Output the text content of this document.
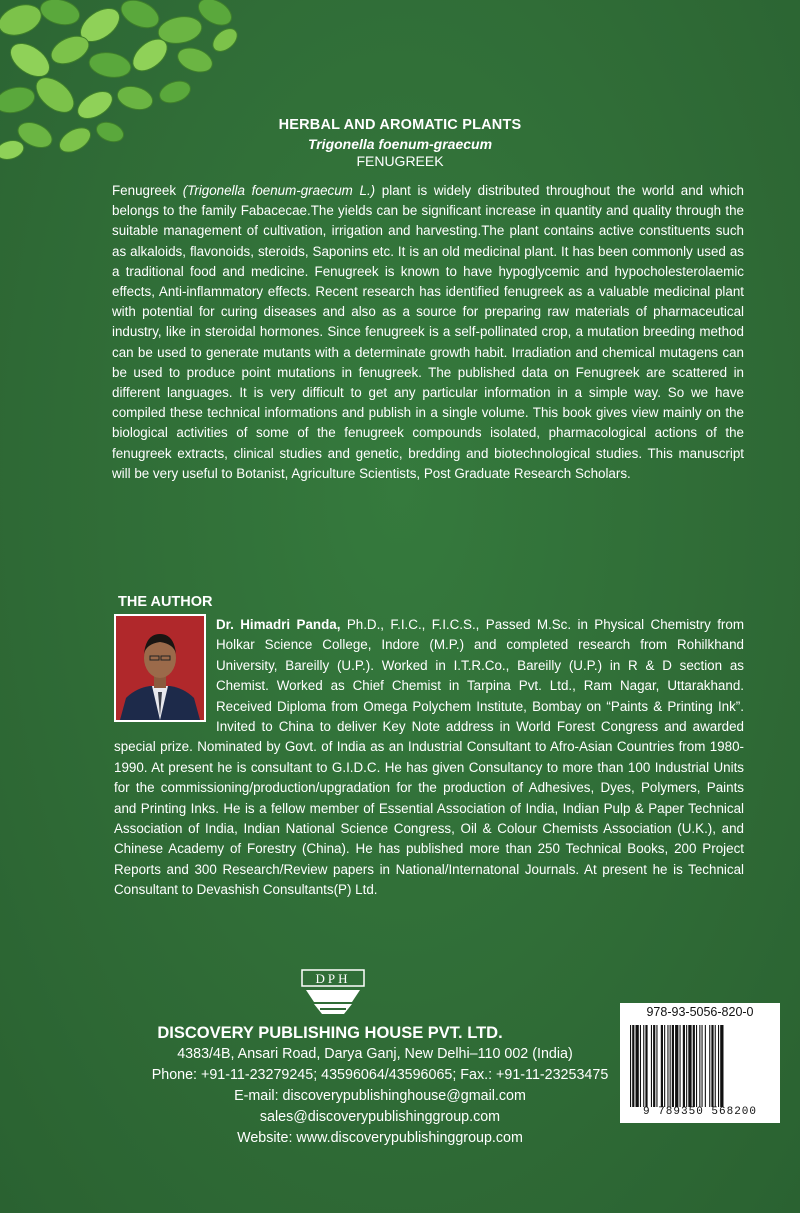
HERBAL AND AROMATIC PLANTS
Trigonella foenum-graecum
FENUGREEK

Fenugreek (Trigonella foenum-graecum L.) plant is widely distributed throughout the world and which belongs to the family Fabacecae.The yields can be significant increase in quantity and quality through the suitable management of cultivation, irrigation and harvesting.The plant contains active constituents such as alkaloids, flavonoids, steroids, Saponins etc. It is an old medicinal plant. It has been commonly used as a traditional food and medicine. Fenugreek is known to have hypoglycemic and hypocholesterolaemic effects, Anti-inflammatory effects. Recent research has identified fenugreek as a valuable medicinal plant with potential for curing diseases and also as a source for preparing raw materials of pharmaceutical industry, like in steroidal hormones. Since fenugreek is a self-pollinated crop, a mutation breeding method can be used to generate mutants with a determinate growth habit. Irradiation and chemical mutagens can be used to produce point mutations in fenugreek. The published data on Fenugreek are scattered in different languages. It is very difficult to get any particular information in a simple way. So we have compiled these technical informations and publish in a single volume. This book gives view mainly on the biological activities of some of the fenugreek compounds isolated, pharmacological actions of the fenugreek extracts, clinical studies and genetic, bredding and biotechnological studies. This manuscript will be very useful to Botanist, Agriculture Scientists, Post Graduate Research Scholars.

THE AUTHOR

Dr. Himadri Panda, Ph.D., F.I.C., F.I.C.S., Passed M.Sc. in Physical Chemistry from Holkar Science College, Indore (M.P.) and completed research from Rohilkhand University, Bareilly (U.P.). Worked in I.T.R.Co., Bareilly (U.P.) in R & D section as Chemist. Worked as Chief Chemist in Tarpina Pvt. Ltd., Ram Nagar, Uttarakhand. Received Diploma from Omega Polychem Institute, Bombay on “Paints & Printing Ink”. Invited to China to deliver Key Note address in World Forest Congress and awarded special prize. Nominated by Govt. of India as an Industrial Consultant to Afro-Asian Countries from 1980-1990. At present he is consultant to G.I.D.C. He has given Consultancy to more than 100 Industrial Units for the commissioning/production/upgradation for the production of Adhesives, Dyes, Polymers, Paints and Printing Inks. He is a fellow member of Essential Association of India, Indian Pulp & Paper Technical Association of India, Indian National Science Congress, Oil & Colour Chemists Association (U.K.), and Chinese Academy of Forestry (China). He has published more than 250 Technical Books, 200 Project Reports and 300 Research/Review papers in National/Internatonal Journals. At present he is Technical Consultant to Devashish Consultants(P) Ltd.

DPH
DISCOVERY PUBLISHING HOUSE PVT. LTD.
4383/4B, Ansari Road, Darya Ganj, New Delhi–110 002 (India)
Phone: +91-11-23279245; 43596064/43596065; Fax.: +91-11-23253475
E-mail: discoverypublishinghouse@gmail.com
sales@discoverypublishinggroup.com
Website: www.discoverypublishinggroup.com
978-93-5056-820-0
9 789350 568200
